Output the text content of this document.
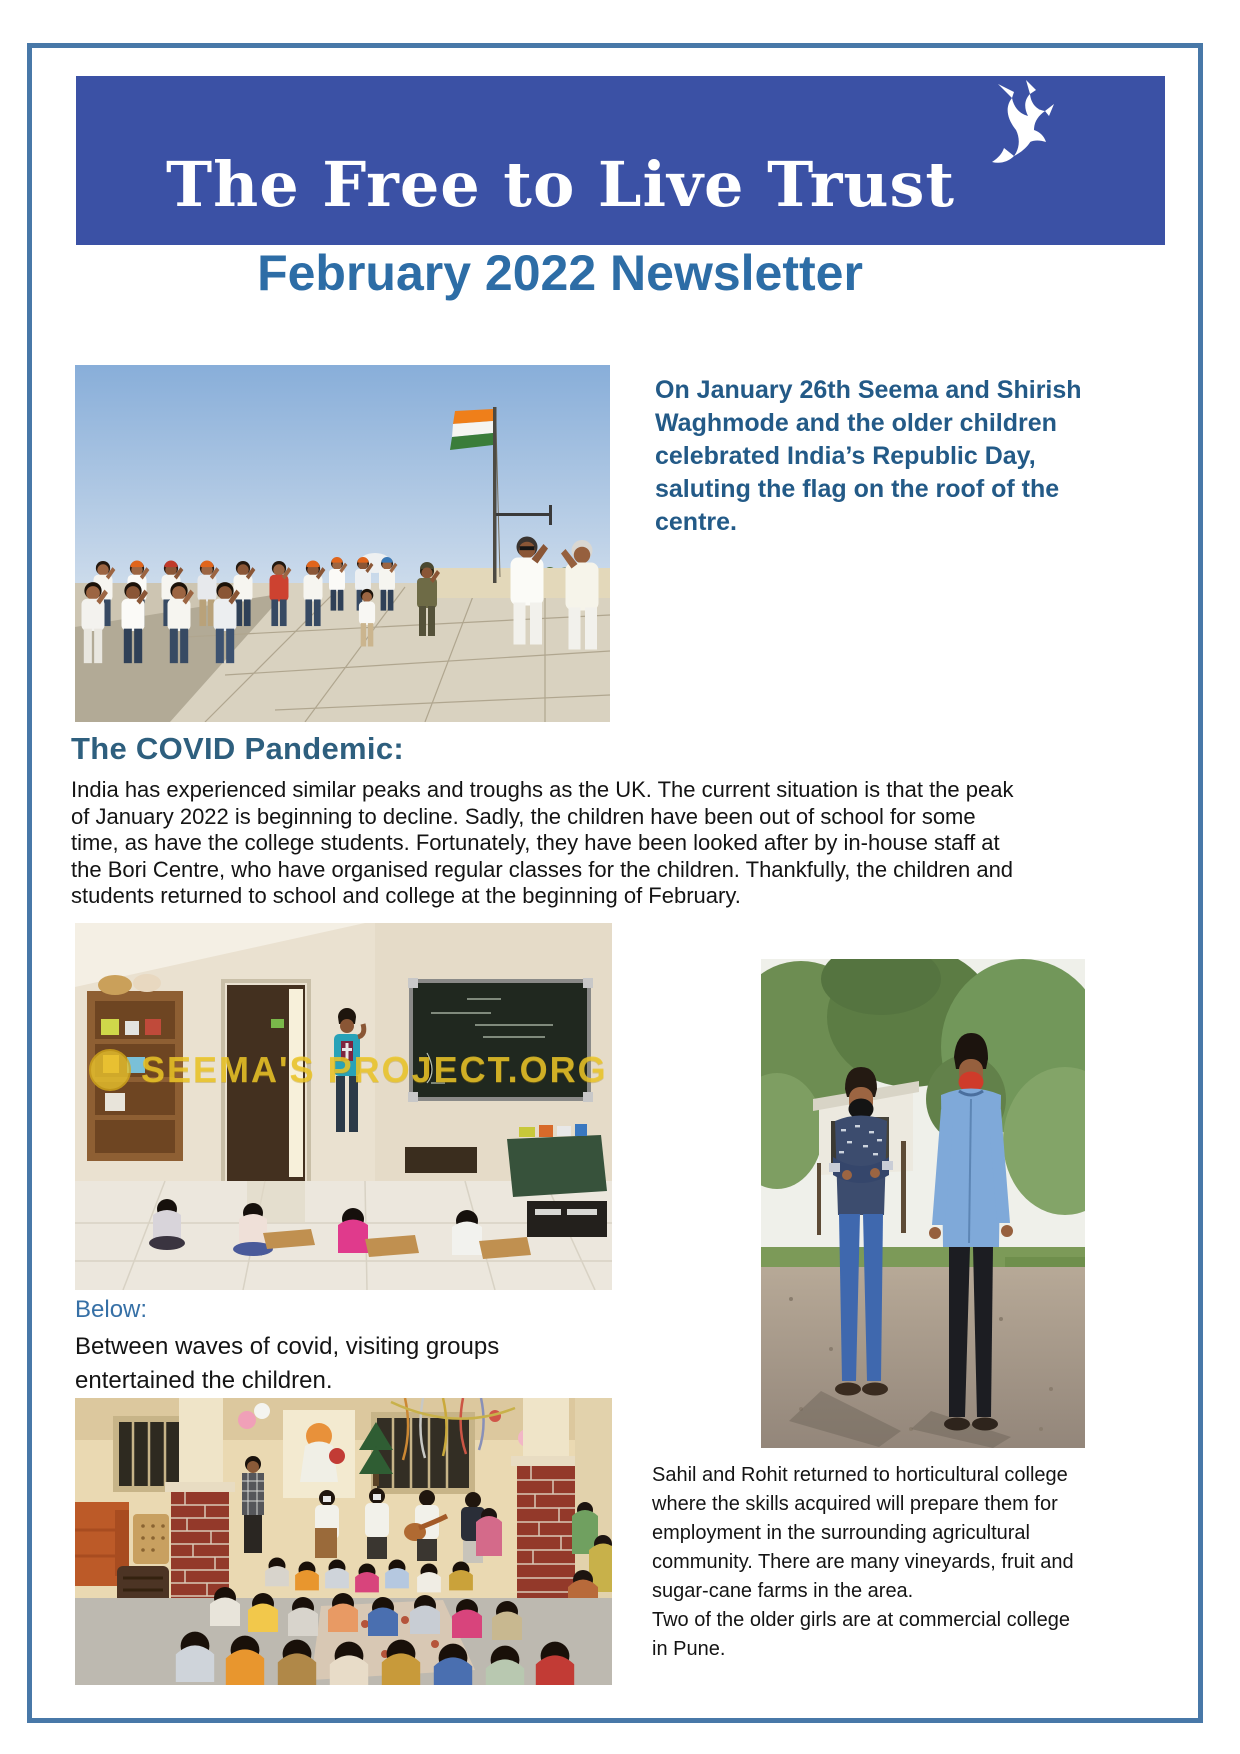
The Free to Live Trust
February 2022 Newsletter
On January 26th Seema and Shirish
Waghmode and the older children
celebrated India’s Republic Day,
saluting the flag on the roof of the
centre.
The COVID Pandemic:
India has experienced similar peaks and troughs as the UK. The current situation is that the peak
of January 2022 is beginning to decline. Sadly, the children have been out of school for some
time, as have the college students. Fortunately, they have been looked after by in-house staff at
the Bori Centre, who have organised regular classes for the children. Thankfully, the children and
students returned to school and college at the beginning of February.
SEEMA'S PROJECT.ORG
Below:
Between waves of covid, visiting groups
entertained the children.
Sahil and Rohit returned to horticultural college
where the skills acquired will prepare them for
employment in the surrounding agricultural
community. There are many vineyards, fruit and
sugar-cane farms in the area.
Two of the older girls are at commercial college
in Pune.
